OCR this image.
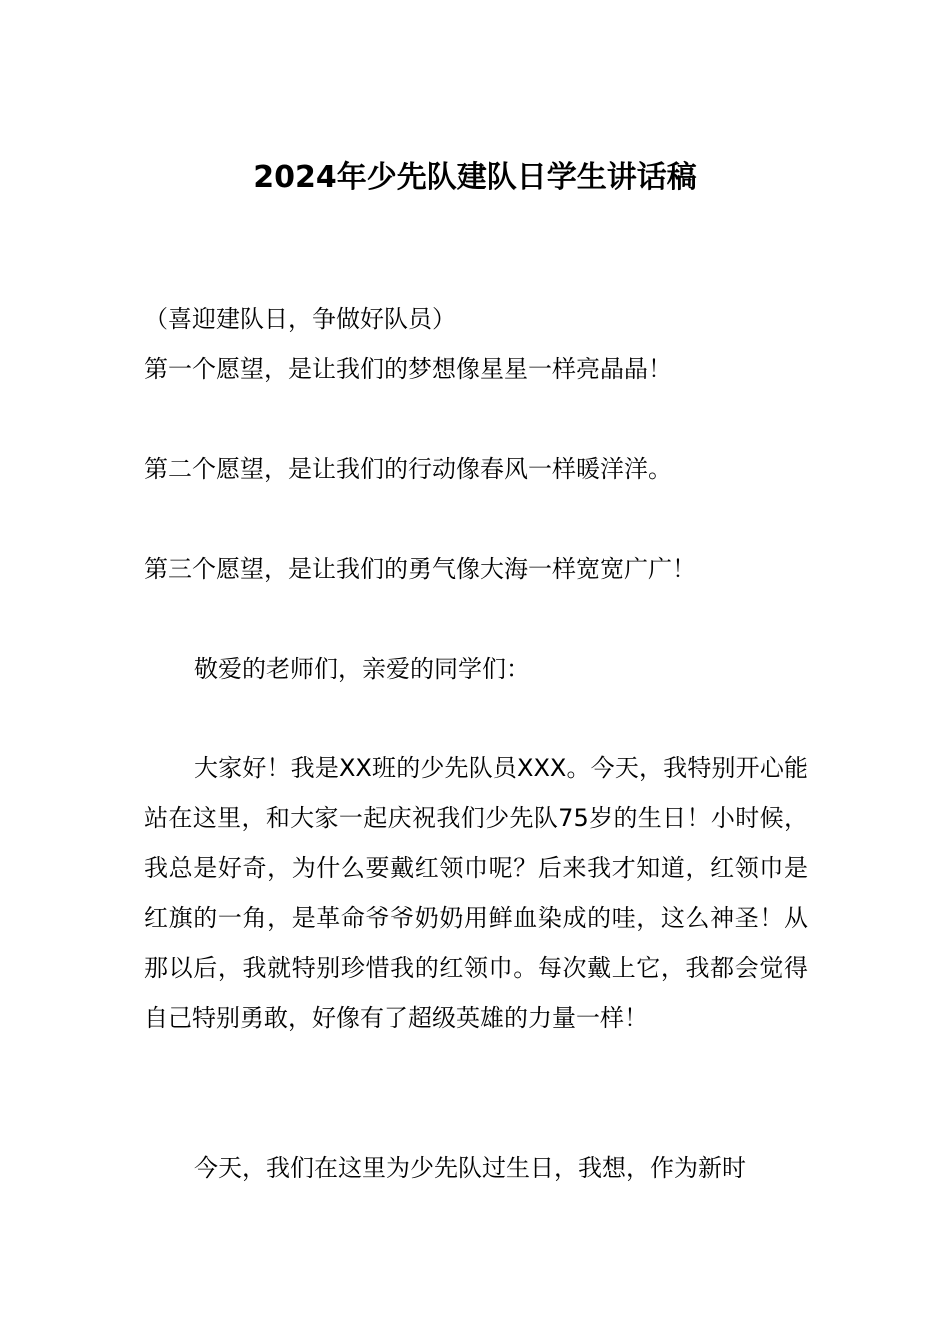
2024年少先队建队日学生讲话稿

（喜迎建队日，争做好队员）

第一个愿望，是让我们的梦想像星星一样亮晶晶！

第二个愿望，是让我们的行动像春风一样暖洋洋。

第三个愿望，是让我们的勇气像大海一样宽宽广广！

敬爱的老师们，亲爱的同学们：

大家好！我是XX班的少先队员XXX。今天，我特别开心能站在这里，和大家一起庆祝我们少先队75岁的生日！小时候，我总是好奇，为什么要戴红领巾呢？后来我才知道，红领巾是红旗的一角，是革命爷爷奶奶用鲜血染成的哇，这么神圣！从那以后，我就特别珍惜我的红领巾。每次戴上它，我都会觉得自己特别勇敢，好像有了超级英雄的力量一样！

今天，我们在这里为少先队过生日，我想，作为新时
